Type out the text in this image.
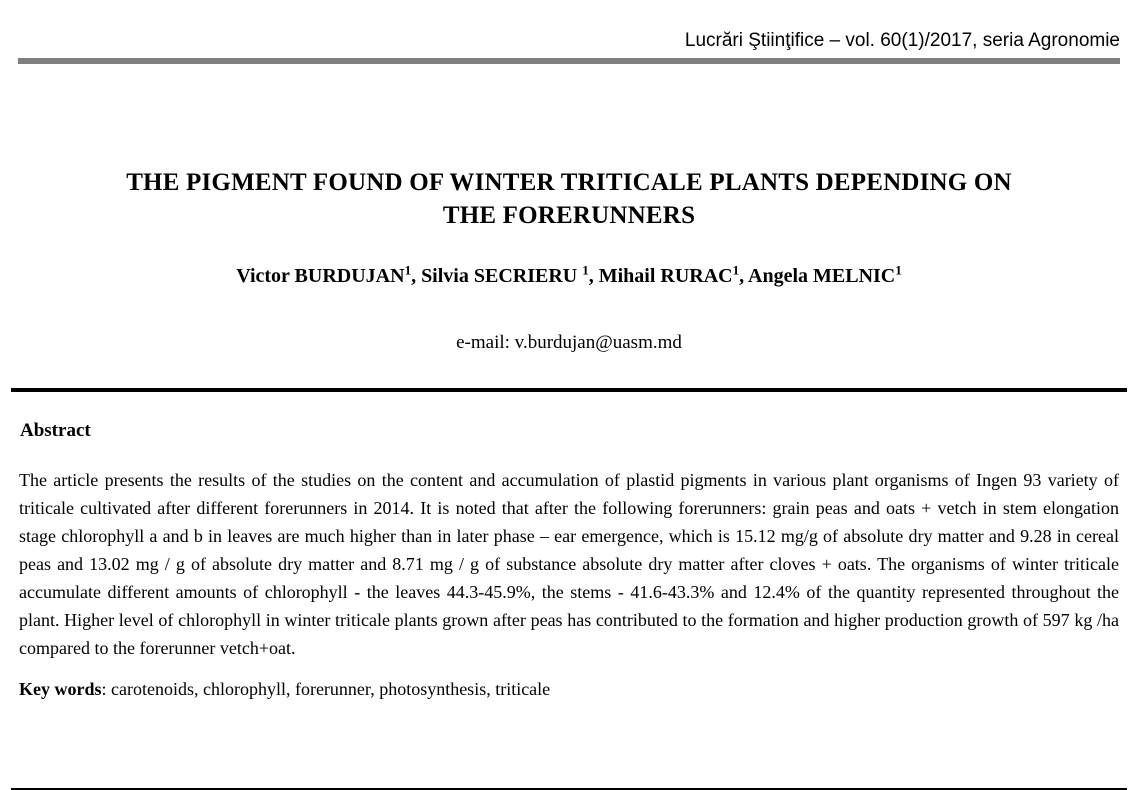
Lucrări Ştiinţifice – vol. 60(1)/2017, seria Agronomie
THE PIGMENT FOUND OF WINTER TRITICALE PLANTS DEPENDING ON
THE FORERUNNERS
Victor BURDUJAN$^1$, Silvia SECRIERU $^1$, Mihail RURAC$^1$, Angela MELNIC$^1$
e-mail: v.burdujan@uasm.md
Abstract

The article presents the results of the studies on the content and accumulation of plastid pigments in various plant organisms of Ingen 93 variety of triticale cultivated after different forerunners in 2014. It is noted that after the following forerunners: grain peas and oats + vetch in stem elongation stage chlorophyll a and b in leaves are much higher than in later phase – ear emergence, which is 15.12 mg/g of absolute dry matter and 9.28 in cereal peas and 13.02 mg / g of absolute dry matter and 8.71 mg / g of substance absolute dry matter after cloves + oats. The organisms of winter triticale accumulate different amounts of chlorophyll - the leaves 44.3-45.9%, the stems - 41.6-43.3% and 12.4% of the quantity represented throughout the plant. Higher level of chlorophyll in winter triticale plants grown after peas has contributed to the formation and higher production growth of 597 kg /ha compared to the forerunner vetch+oat.

Key words: carotenoids, chlorophyll, forerunner, photosynthesis, triticale
